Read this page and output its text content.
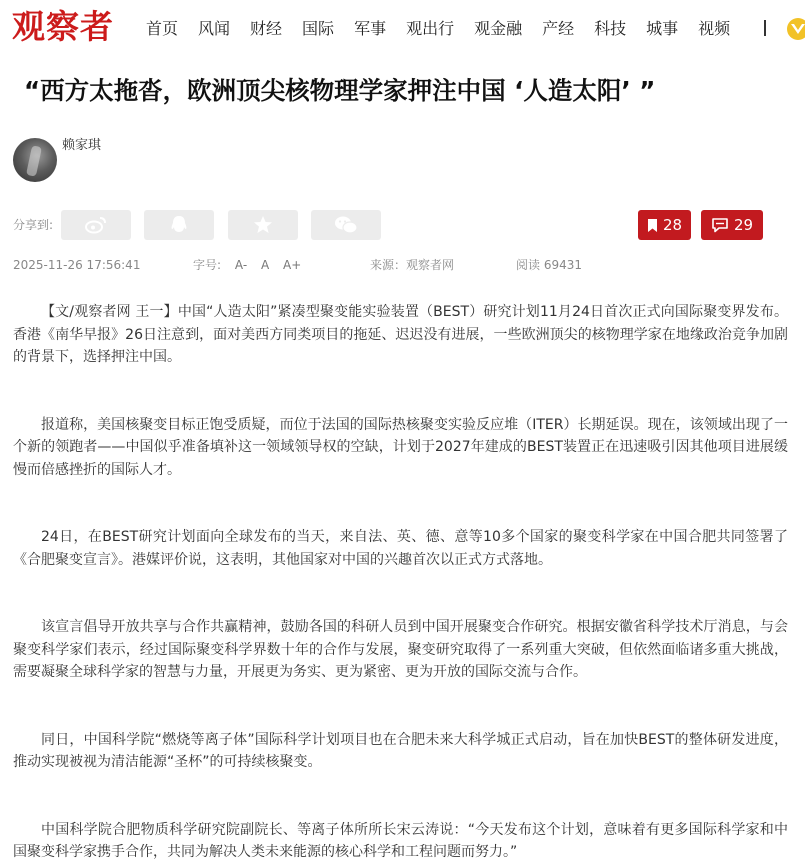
观察者 首页 风闻 财经 国际 军事 观出行 观金融 产经 科技 城事 视频
“西方太拖沓，欧洲顶尖核物理学家押注中国 ‘人造太阳’ ”
赖家琪
分享到:	28	29
2025-11-26 17:56:41	字号: A- A A+	来源：观察者网	阅读 69431

【文/观察者网 王一】中国“人造太阳”紧凑型聚变能实验装置（BEST）研究计划11月24日首次正式向国际聚变界发布。香港《南华早报》26日注意到，面对美西方同类项目的拖延、迟迟没有进展，一些欧洲顶尖的核物理学家在地缘政治竞争加剧的背景下，选择押注中国。

报道称，美国核聚变目标正饱受质疑，而位于法国的国际热核聚变实验反应堆（ITER）长期延误。现在，该领域出现了一个新的领跑者——中国似乎准备填补这一领域领导权的空缺，计划于2027年建成的BEST装置正在迅速吸引因其他项目进展缓慢而倍感挫折的国际人才。

24日，在BEST研究计划面向全球发布的当天，来自法、英、德、意等10多个国家的聚变科学家在中国合肥共同签署了《合肥聚变宣言》。港媒评价说，这表明，其他国家对中国的兴趣首次以正式方式落地。

该宣言倡导开放共享与合作共赢精神，鼓励各国的科研人员到中国开展聚变合作研究。根据安徽省科学技术厅消息，与会聚变科学家们表示，经过国际聚变科学界数十年的合作与发展，聚变研究取得了一系列重大突破，但依然面临诸多重大挑战，需要凝聚全球科学家的智慧与力量，开展更为务实、更为紧密、更为开放的国际交流与合作。

同日，中国科学院“燃烧等离子体”国际科学计划项目也在合肥未来大科学城正式启动，旨在加快BEST的整体研发进度，推动实现被视为清洁能源“圣杯”的可持续核聚变。

中国科学院合肥物质科学研究院副院长、等离子体所所长宋云涛说：“今天发布这个计划，意味着有更多国际科学家和中国聚变科学家携手合作，共同为解决人类未来能源的核心科学和工程问题而努力。”
